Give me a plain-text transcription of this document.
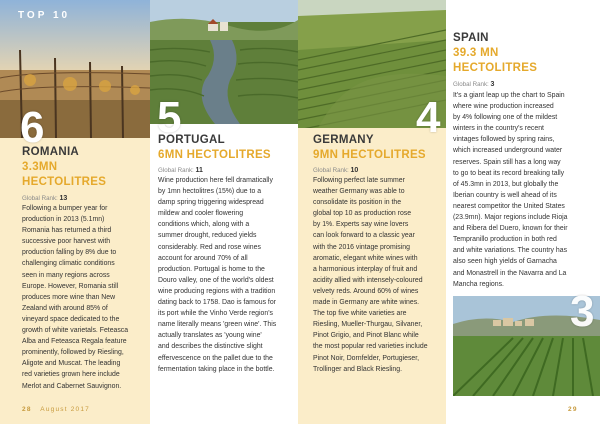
TOP 10
6
ROMANIA
3.3MN
HECTOLITRES
Global Rank: 13
Following a bumper year for
production in 2013 (5.1mn)
Romania has returned a third
successive poor harvest with
production falling by 8% due to
challenging climatic conditions
seen in many regions across
Europe. However, Romania still
produces more wine than New
Zealand with around 85% of
vineyard space dedicated to the
growth of white varietals. Feteasca
Alba and Feteasca Regala feature
prominently, followed by Riesling,
Aligote and Muscat. The leading
red varieties grown here include
Merlot and Cabernet Sauvignon.
5
PORTUGAL
6MN HECTOLITRES
Global Rank: 11
Wine production here fell dramatically
by 1mn hectolitres (15%) due to a
damp spring triggering widespread
mildew and cooler flowering
conditions which, along with a
summer drought, reduced yields
considerably. Red and rose wines
account for around 70% of all
production. Portugal is home to the
Douro valley, one of the world's oldest
wine producing regions with a tradition
dating back to 1758. Dao is famous for
its port while the Vinho Verde region's
name literally means 'green wine'. This
actually translates as 'young wine'
and describes the distinctive slight
effervescence on the pallet due to the
fermentation taking place in the bottle.
4
GERMANY
9MN HECTOLITRES
Global Rank: 10
Following perfect late summer
weather Germany was able to
consolidate its position in the
global top 10 as production rose
by 1%. Experts say wine lovers
can look forward to a classic year
with the 2016 vintage promising
aromatic, elegant white wines with
a harmonious interplay of fruit and
acidity allied with intensely-coloured
velvety reds. Around 60% of wines
made in Germany are white wines.
The top five white varieties are
Riesling, Mueller-Thurgau, Silvaner,
Pinot Grigio, and Pinot Blanc while
the most popular red varieties include
Pinot Noir, Dornfelder, Portugieser,
Trollinger and Black Riesling.
SPAIN
39.3 MN
HECTOLITRES
Global Rank: 3
It's a giant leap up the chart to Spain
where wine production increased
by 4% following one of the mildest
winters in the country's recent
vintages followed by spring rains,
which increased underground water
reserves. Spain still has a long way
to go to beat its record breaking tally
of 45.3mn in 2013, but globally the
Iberian country is well ahead of its
nearest competitor the United States
(23.9mn). Major regions include Rioja
and Ribera del Duero, known for their
Tempranillo production in both red
and white variations. The country has
also seen high yields of Garnacha
and Monastrell in the Navarra and La
Mancha regions.
3
28 August 2017	29
